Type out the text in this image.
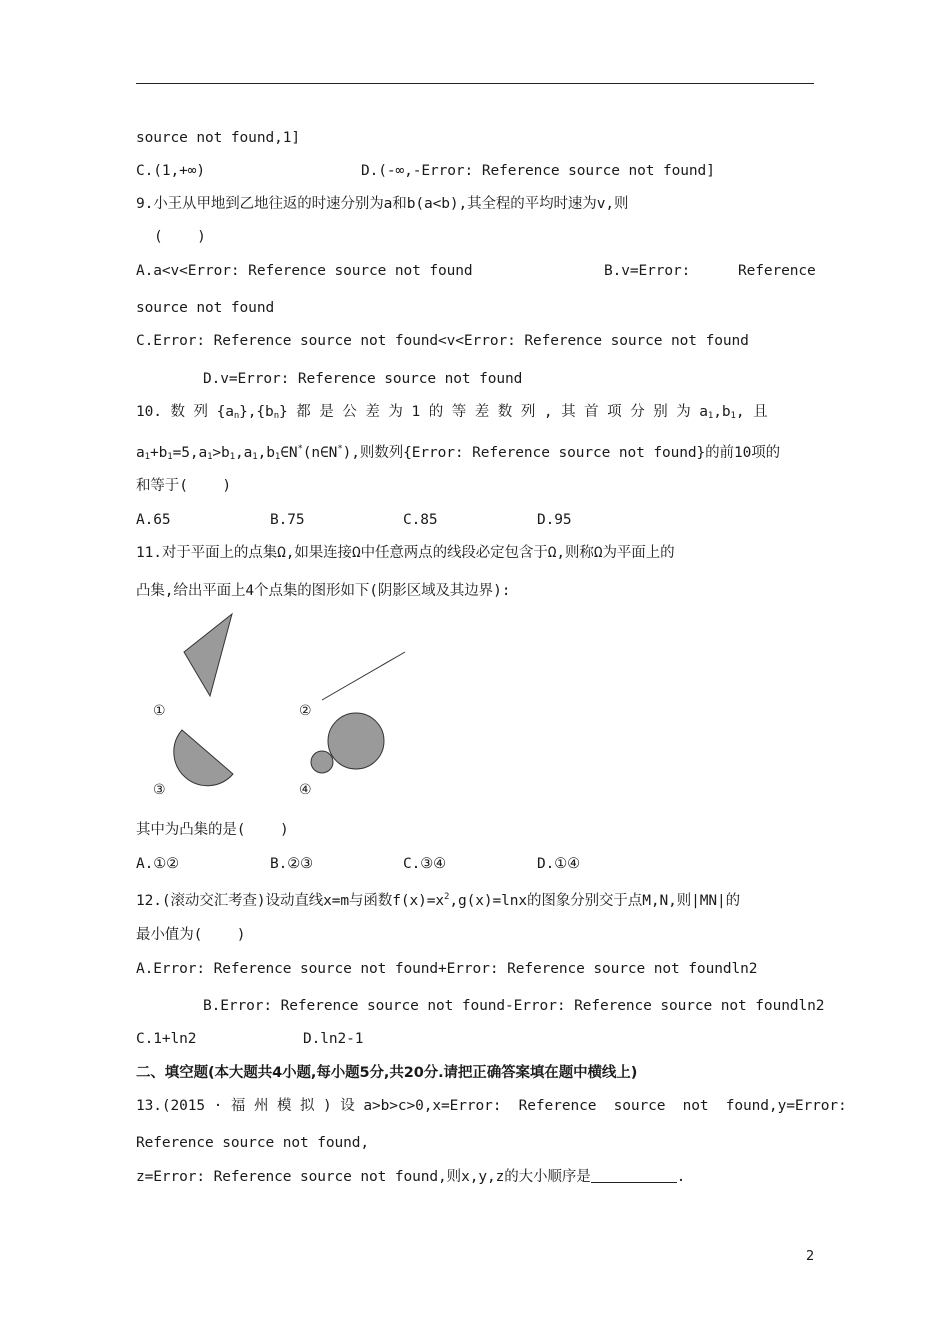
source not found,1]
C.(1,+∞)	D.(-∞,-Error: Reference source not found]
9.小王从甲地到乙地往返的时速分别为a和b(a<b),其全程的平均时速为v,则
(    )
A.a<v<Error: Reference source not found	B.v=Error:	Reference
source not found
C.Error: Reference source not found<v<Error: Reference source not found
D.v=Error: Reference source not found
10. 数 列 $\{a_n\},\{b_n\}$ 都 是 公 差 为 1 的 等 差 数 列 , 其 首 项 分 别 为 $a_1,b_1$, 且
$a_1+b_1=5,a_1>b_1,a_1,b_1\in N^*(n\in N^*)$,则数列{Error: Reference source not found}的前10项的
和等于(    )
A.65	B.75	C.85	D.95
11.对于平面上的点集Ω,如果连接Ω中任意两点的线段必定包含于Ω,则称Ω为平面上的
凸集,给出平面上4个点集的图形如下(阴影区域及其边界):
①	②
③	④
其中为凸集的是(    )
A.①②	B.②③	C.③④	D.①④
12.(滚动交汇考查)设动直线x=m与函数$f(x)=x^2,g(x)=\ln x$的图象分别交于点M,N,则|MN|的
最小值为(    )
A.Error: Reference source not found+Error: Reference source not foundln2
B.Error: Reference source not found-Error: Reference source not foundln2
C.1+ln2	D.ln2-1
二、填空题(本大题共4小题,每小题5分,共20分.请把正确答案填在题中横线上)
13.(2015 · 福 州 模 拟 ) 设 a>b>c>0,x=Error:  Reference  source  not  found,y=Error:
Reference source not found,
z=Error: Reference source not found,则x,y,z的大小顺序是	.
2
